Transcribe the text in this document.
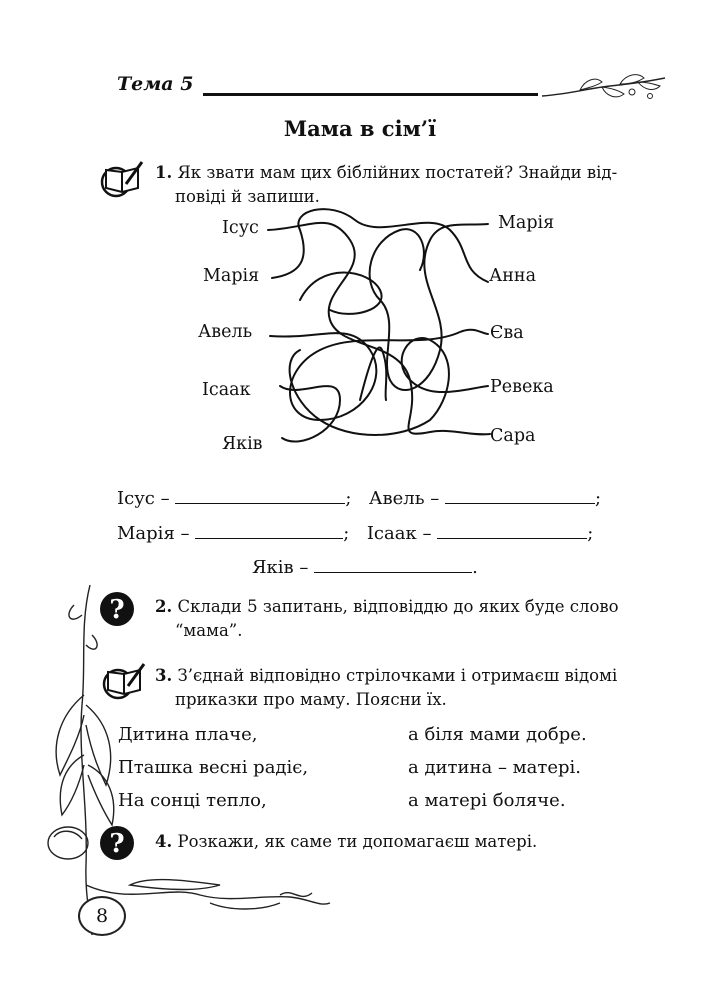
Тема 5
Мама в сім’ї
1. Як звати мам цих біблійних постатей? Знайди від-
повіді й запиши.
Ісус
Марія
Авель
Ісаак
Яків
Марія
Анна
Єва
Ревека
Сара
Ісус –	; Авель –	;
Марія –	; Ісаак –	;
Яків –	.
? 2. Склади 5 запитань, відповіддю до яких буде слово
“мама”.
3. З’єднай відповідно стрілочками і отримаєш відомі
приказки про маму. Поясни їх.
Дитина плаче,
Пташка весні радіє,
На сонці тепло,
а біля мами добре.
а дитина – матері.
а матері боляче.
? 4. Розкажи, як саме ти допомагаєш матері.
8
